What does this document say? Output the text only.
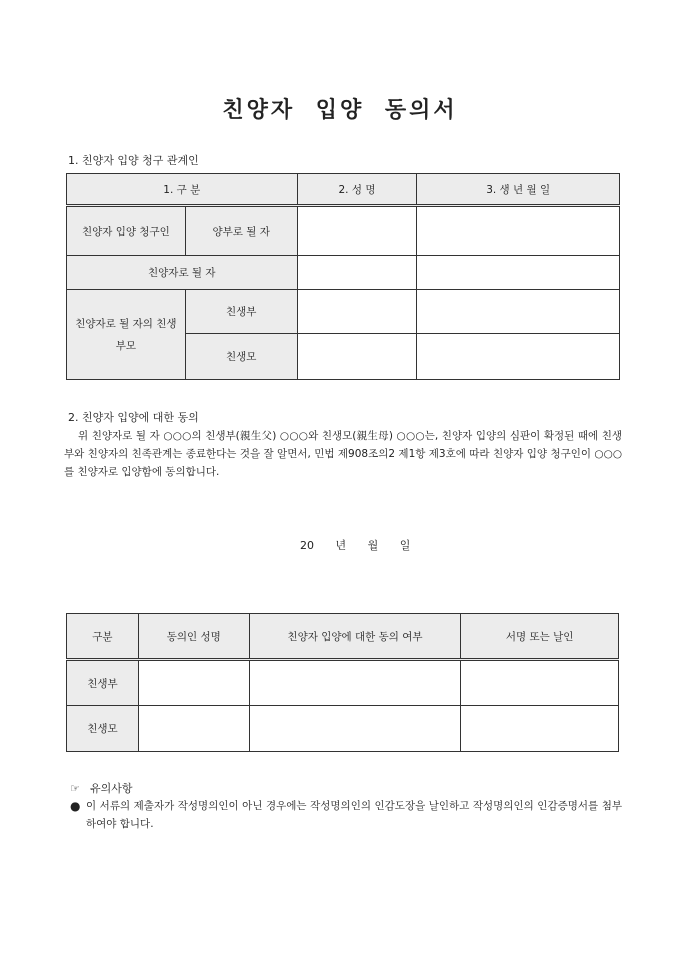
친양자 입양 동의서
1. 친양자 입양 청구 관계인
1. 구 분		2. 성 명	3. 생 년 월 일
친양자 입양 청구인	양부로 될 자		
친양자로 될 자			
친양자로 될 자의 친생부모	친생부		
	친생모		
2. 친양자 입양에 대한 동의
위 친양자로 될 자 ○○○의 친생부(親生父) ○○○와 친생모(親生母) ○○○는, 친양자 입양의 심판이 확정된 때에 친생부와 친양자의 친족관계는 종료한다는 것을 잘 알면서, 민법 제908조의2 제1항 제3호에 따라 친양자 입양 청구인이 ○○○를 친양자로 입양함에 동의합니다.
20 년 월 일
구분	동의인 성명	친양자 입양에 대한 동의 여부	서명 또는 날인
친생부			
친생모			
☞ 유의사항
● 이 서류의 제출자가 작성명의인이 아닌 경우에는 작성명의인의 인감도장을 날인하고 작성명의인의 인감증명서를 첨부하여야 합니다.
